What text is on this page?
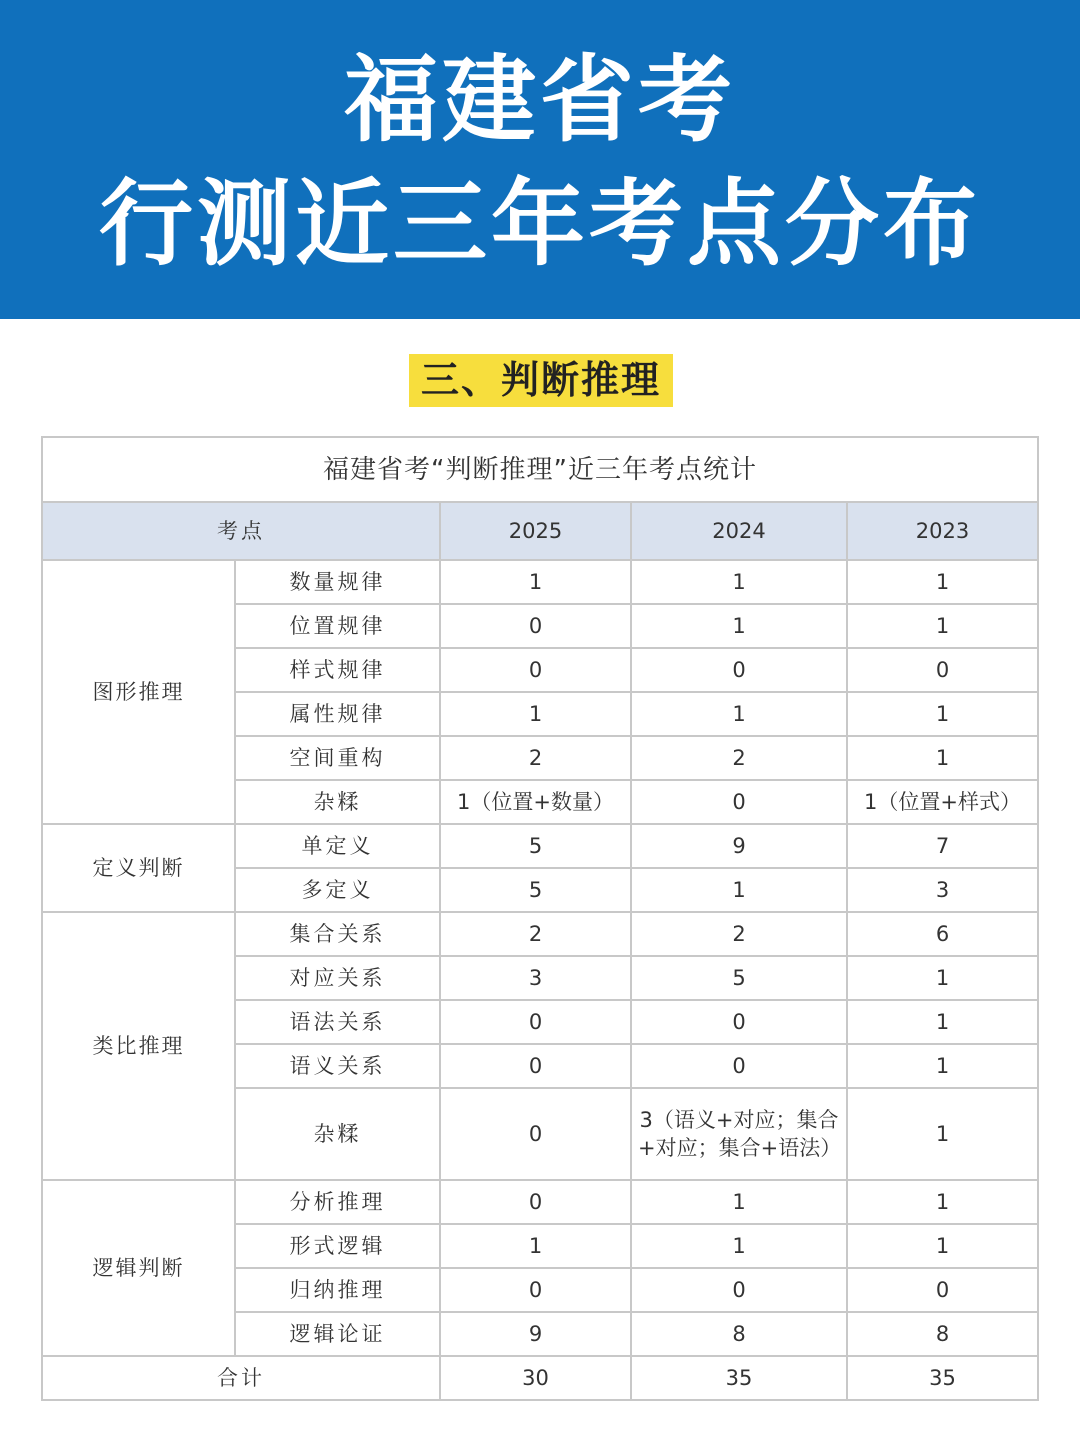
福建省考
行测近三年考点分布
三、判断推理
福建省考“判断推理”近三年考点统计				
考点		2025	2024	2023
图形推理	数量规律	1	1	1
	位置规律	0	1	1
	样式规律	0	0	0
	属性规律	1	1	1
	空间重构	2	2	1
	杂糅	1（位置+数量）	0	1（位置+样式）
定义判断	单定义	5	9	7
	多定义	5	1	3
类比推理	集合关系	2	2	6
	对应关系	3	5	1
	语法关系	0	0	1
	语义关系	0	0	1
	杂糅	0	3（语义+对应；集合+对应；集合+语法）	1
逻辑判断	分析推理	0	1	1
	形式逻辑	1	1	1
	归纳推理	0	0	0
	逻辑论证	9	8	8
合计		30	35	35
